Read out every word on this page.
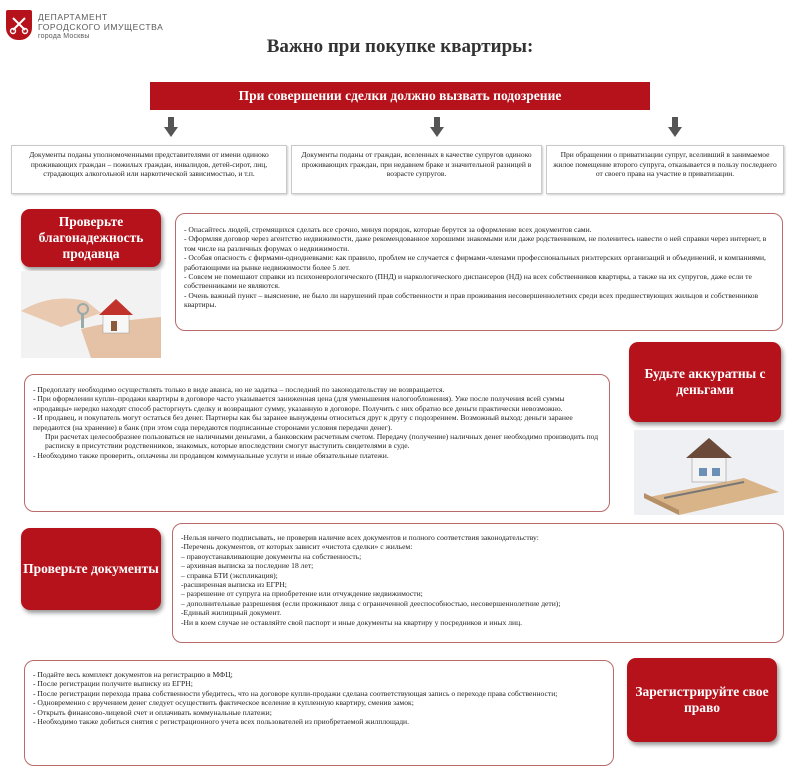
ДЕПАРТАМЕНТ
ГОРОДСКОГО ИМУЩЕСТВА
города Москвы	Важно при покупке квартиры:
При совершении сделки должно вызвать подозрение
Документы поданы уполномоченными представителями от имени одиноко проживающих граждан – пожилых граждан, инвалидов, детей-сирот, лиц, страдающих алкогольной или наркотической зависимостью, и т.п.
Документы поданы от граждан, вселенных в качестве супругов одиноко проживающих граждан, при недавнем браке и значительной разницей в возрасте супругов.
При обращении о приватизации супруг, вселивший в занимаемое жилое помещение второго супруга, отказывается в пользу последнего от своего права на участие в приватизации.
Проверьте благонадежность продавца

- Опасайтесь людей, стремящихся сделать все срочно, минуя порядок, которые берутся за оформление всех документов сами.

- Оформляя договор через агентство недвижимости, даже рекомендованное хорошими знакомыми или даже родственником, не поленитесь навести о ней справки через интернет, в том числе на различных форумах о недвижимости.

- Особая опасность с фирмами-однодневками: как правило, проблем не случается с фирмами-членами профессиональных риэлтерских организаций и объединений, и компаниями, работающими на рынке недвижимости более 5 лет.

- Совсем не помешают справки из психоневрологического (ПНД) и наркологического диспансеров (НД) на всех собственников квартиры, а также на их супругов, даже если те собственниками не являются.

- Очень важный пункт – выяснение, не было ли нарушений прав собственности и прав проживания несовершеннолетних среди всех предшествующих жильцов и собственников квартиры.

Будьте аккуратны с деньгами

- Предоплату необходимо осуществлять только в виде аванса, но не задатка – последний по законодательству не возвращается.

- При оформлении купли–продажи квартиры в договоре часто указывается заниженная цена (для уменьшения налогообложения). Уже после получения всей суммы «продавцы» нередко находят способ расторгнуть сделку и возвращают сумму, указанную в договоре. Получить с них обратно все деньги практически невозможно.

- И продавец, и покупатель могут остаться без денег. Партнеры как бы заранее вынуждены относиться друг к другу с подозрением. Возможный выход: деньги заранее передаются (на хранение) в банк (при этом сода передаются подписанные сторонами условия передачи денег).

При расчетах целесообразнее пользоваться не наличными деньгами, а банковским расчетным счетом. Передачу (получение) наличных денег необходимо производить под расписку в присутствии родственников, знакомых, которые впоследствии смогут выступить свидетелями в суде.

- Необходимо также проверить, оплачены ли продавцом коммунальные услуги и иные обязательные платежи.

Проверьте документы

-Нельзя ничего подписывать, не проверив наличие всех документов и полного соответствия законодательству:

-Перечень документов, от которых зависит «чистота сделки» с жильем:

– правоустанавливающие документы на собственность;

– архивная выписка за последние 18 лет;

– справка БТИ (экспликация);

-расширенная выписка из ЕГРН;

– разрешение от супруга на приобретение или отчуждение недвижимости;

– дополнительные разрешения (если проживают лица с ограниченной дееспособностью, несовершеннолетние дети);

-Единый жилищный документ.

-Ни в коем случае не оставляйте свой паспорт и иные документы на квартиру у посредников и иных лиц.

Зарегистрируйте свое право

- Подайте весь комплект документов на регистрацию в МФЦ;

- После регистрации получите выписку из ЕГРН;

- После регистрации перехода права собственности убедитесь, что на договоре купли-продажи сделана соответствующая запись о переходе права собственности;

- Одновременно с вручением денег следует осуществить фактическое вселение в купленную квартиру, сменив замок;

- Открыть финансово-лицевой счет и оплачивать коммунальные платежи;

- Необходимо также добиться снятия с регистрационного учета всех пользователей из приобретаемой жилплощади.
